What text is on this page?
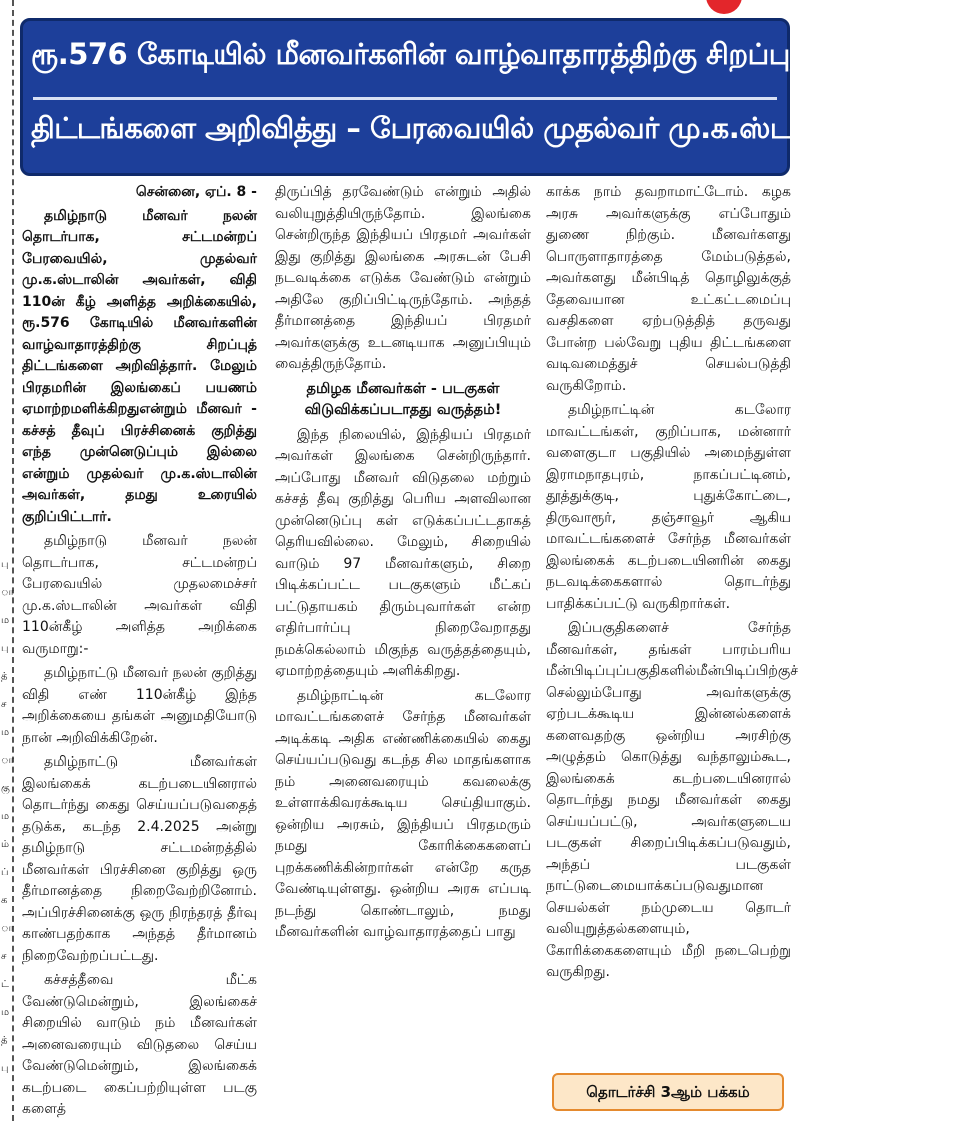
பு
ா
ம
பு
த்
ச
ம
ா
கு
ம
ம்
ப்
க
ா
ச
ட்
ம
த்
பு
ரூ.576 கோடியில் மீனவர்களின் வாழ்வாதாரத்திற்கு சிறப்புத்
திட்டங்களை அறிவித்து – பேரவையில் முதல்வர் மு.க.ஸ்டாலின் உரை!
சென்னை, ஏப். 8 -

தமிழ்நாடு மீனவர் நலன் தொடர்பாக, சட்டமன்றப் பேரவையில், முதல்வர் மு.க.ஸ்டாலின் அவர்கள், விதி 110ன் கீழ் அளித்த அறிக்கையில், ரூ.576 கோடியில் மீனவர்களின் வாழ்வாதாரத்திற்கு சிறப்புத் திட்டங்களை அறிவித்தார். மேலும் பிரதமரின் இலங்கைப் பயணம் ஏமாற்றமளிக்கிறதுஎன்றும் மீனவர் - கச்சத் தீவுப் பிரச்சினைக் குறித்து எந்த முன்னெடுப்பும் இல்லை என்றும் முதல்வர் மு.க.ஸ்டாலின் அவர்கள், தமது உரையில் குறிப்பிட்டார்.

தமிழ்நாடு மீனவர் நலன் தொடர்பாக, சட்டமன்றப் பேரவையில் முதலமைச்சர் மு.க.ஸ்டாலின் அவர்கள் விதி 110ன்கீழ் அளித்த அறிக்கை வருமாறு:-

தமிழ்நாட்டு மீனவர் நலன் குறித்து விதி எண் 110ன்கீழ் இந்த அறிக்கையை தங்கள் அனுமதியோடு நான் அறிவிக்கிறேன்.

தமிழ்நாட்டு மீனவர்கள் இலங்கைக் கடற்படையினரால் தொடர்ந்து கைது செய்யப்படுவதைத் தடுக்க, கடந்த 2.4.2025 அன்று தமிழ்நாடு சட்டமன்றத்தில் மீனவர்கள் பிரச்சினை குறித்து ஒரு தீர்மானத்தை நிறைவேற்றினோம். அப்பிரச்சினைக்கு ஒரு நிரந்தரத் தீர்வு காண்பதற்காக அந்தத் தீர்மானம் நிறைவேற்றப்பட்டது.

கச்சத்தீவை மீட்க வேண்டுமென்றும், இலங்கைச் சிறையில் வாடும் நம் மீனவர்கள் அனைவரையும் விடுதலை செய்ய வேண்டுமென்றும், இலங்கைக் கடற்படை கைப்பற்றியுள்ள படகு களைத்

திருப்பித் தரவேண்டும் என்றும் அதில் வலியுறுத்தியிருந்தோம். இலங்கை சென்றிருந்த இந்தியப் பிரதமர் அவர்கள் இது குறித்து இலங்கை அரசுடன் பேசி நடவடிக்கை எடுக்க வேண்டும் என்றும் அதிலே குறிப்பிட்டிருந்தோம். அந்தத் தீர்மானத்தை இந்தியப் பிரதமர் அவர்களுக்கு உடனடியாக அனுப்பியும் வைத்திருந்தோம்.

தமிழக மீனவர்கள் - படகுகள் விடுவிக்கப்படாதது வருத்தம்!

இந்த நிலையில், இந்தியப் பிரதமர் அவர்கள் இலங்கை சென்றிருந்தார். அப்போது மீனவர் விடுதலை மற்றும் கச்சத் தீவு குறித்து பெரிய அளவிலான முன்னெடுப்பு கள் எடுக்கப்பட்டதாகத் தெரியவில்லை. மேலும், சிறையில் வாடும் 97 மீனவர்களும், சிறை பிடிக்கப்பட்ட படகுகளும் மீட்கப் பட்டுதாயகம் திரும்புவார்கள் என்ற எதிர்பார்ப்பு நிறைவேறாதது நமக்கெல்லாம் மிகுந்த வருத்தத்தையும், ஏமாற்றத்தையும் அளிக்கிறது.

தமிழ்நாட்டின் கடலோர மாவட்டங்களைச் சேர்ந்த மீனவர்கள் அடிக்கடி அதிக எண்ணிக்கையில் கைது செய்யப்படுவது கடந்த சில மாதங்களாக நம் அனைவரையும் கவலைக்கு உள்ளாக்கிவரக்கூடிய செய்தியாகும். ஒன்றிய அரசும், இந்தியப் பிரதமரும் நமது கோரிக்கைகளைப் புறக்கணிக்கின்றார்கள் என்றே கருத வேண்டியுள்ளது. ஒன்றிய அரசு எப்படி நடந்து கொண்டாலும், நமது மீனவர்களின் வாழ்வாதாரத்தைப் பாது

காக்க நாம் தவறாமாட்டோம். கழக அரசு அவர்களுக்கு எப்போதும் துணை நிற்கும். மீனவர்களது பொருளாதாரத்தை மேம்படுத்தல், அவர்களது மீன்பிடித் தொழிலுக்குத் தேவையான உட்கட்டமைப்பு வசதிகளை ஏற்படுத்தித் தருவது போன்ற பல்வேறு புதிய திட்டங்களை வடிவமைத்துச் செயல்படுத்தி வருகிறோம்.

தமிழ்நாட்டின் கடலோர மாவட்டங்கள், குறிப்பாக, மன்னார் வளைகுடா பகுதியில் அமைந்துள்ள இராமநாதபுரம், நாகப்பட்டினம், தூத்துக்குடி, புதுக்கோட்டை, திருவாரூர், தஞ்சாவூர் ஆகிய மாவட்டங்களைச் சேர்ந்த மீனவர்கள் இலங்கைக் கடற்படையினரின் கைது நடவடிக்கைகளால் தொடர்ந்து பாதிக்கப்பட்டு வருகிறார்கள்.

இப்பகுதிகளைச் சேர்ந்த மீனவர்கள், தங்கள் பாரம்பரிய மீன்பிடிப்புப்பகுதிகளில்மீன்பிடிப்பிற்குச் செல்லும்போது அவர்களுக்கு ஏற்படக்கூடிய இன்னல்களைக் களைவதற்கு ஒன்றிய அரசிற்கு அழுத்தம் கொடுத்து வந்தாலும்கூட, இலங்கைக் கடற்படையினரால் தொடர்ந்து நமது மீனவர்கள் கைது செய்யப்பட்டு, அவர்களுடைய படகுகள் சிறைப்பிடிக்கப்படுவதும், அந்தப் படகுகள் நாட்டுடைமையாக்கப்படுவதுமான செயல்கள் நம்முடைய தொடர் வலியுறுத்தல்களையும், கோரிக்கைகளையும் மீறி நடைபெற்று வருகிறது.

தொடர்ச்சி 3ஆம் பக்கம்
